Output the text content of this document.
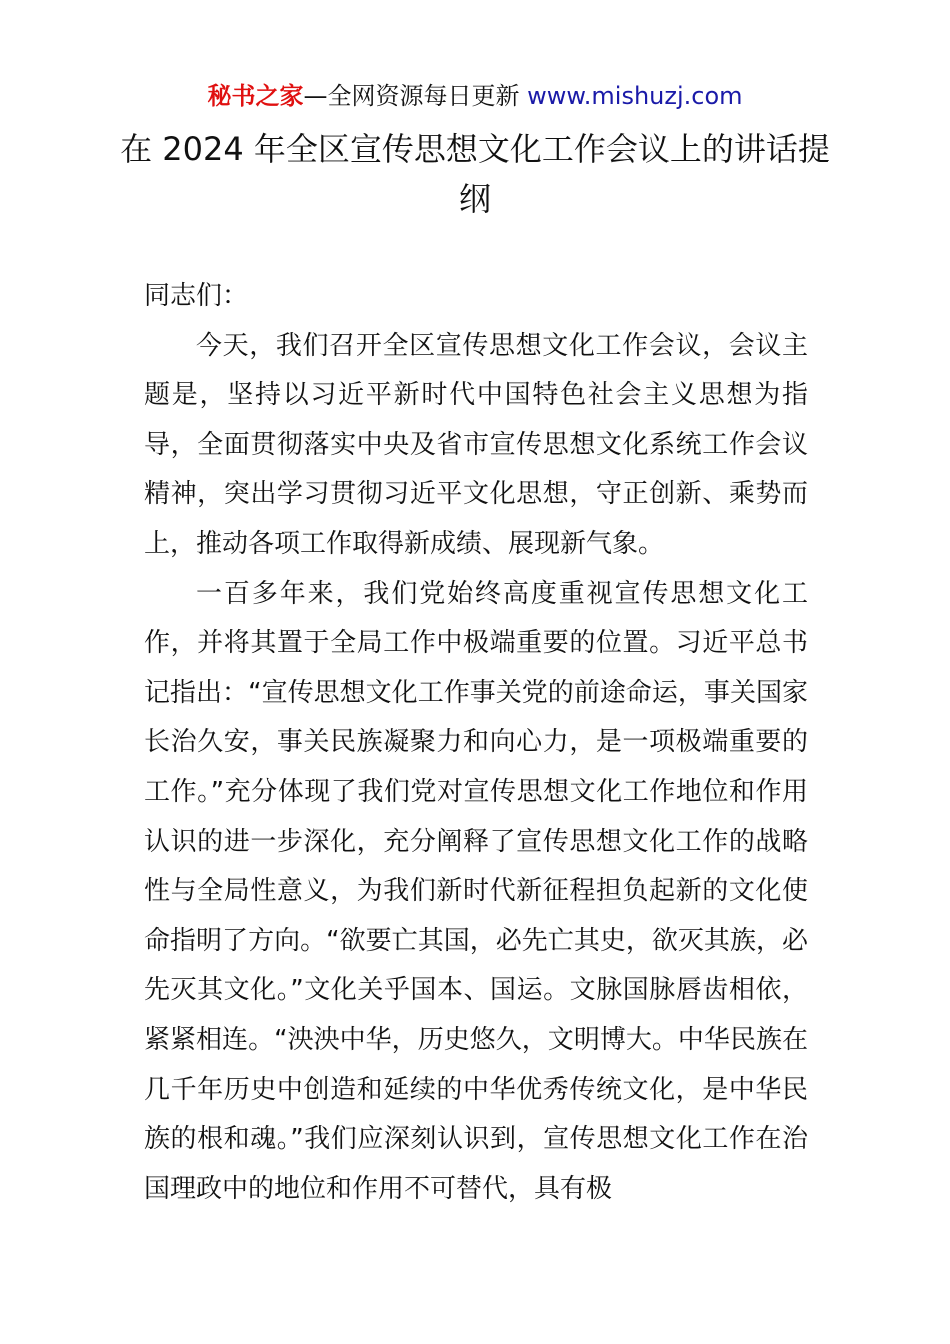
秘书之家—全网资源每日更新 www.mishuzj.com
在 2024 年全区宣传思想文化工作会议上的讲话提纲

同志们：

今天，我们召开全区宣传思想文化工作会议，会议主题是，坚持以习近平新时代中国特色社会主义思想为指导，全面贯彻落实中央及省市宣传思想文化系统工作会议精神，突出学习贯彻习近平文化思想，守正创新、乘势而上，推动各项工作取得新成绩、展现新气象。

一百多年来，我们党始终高度重视宣传思想文化工作，并将其置于全局工作中极端重要的位置。习近平总书记指出：“宣传思想文化工作事关党的前途命运，事关国家长治久安，事关民族凝聚力和向心力，是一项极端重要的工作。”充分体现了我们党对宣传思想文化工作地位和作用认识的进一步深化，充分阐释了宣传思想文化工作的战略性与全局性意义，为我们新时代新征程担负起新的文化使命指明了方向。“欲要亡其国，必先亡其史，欲灭其族，必先灭其文化。”文化关乎国本、国运。文脉国脉唇齿相依，紧紧相连。“泱泱中华，历史悠久，文明博大。中华民族在几千年历史中创造和延续的中华优秀传统文化，是中华民族的根和魂。”我们应深刻认识到，宣传思想文化工作在治国理政中的地位和作用不可替代，具有极
